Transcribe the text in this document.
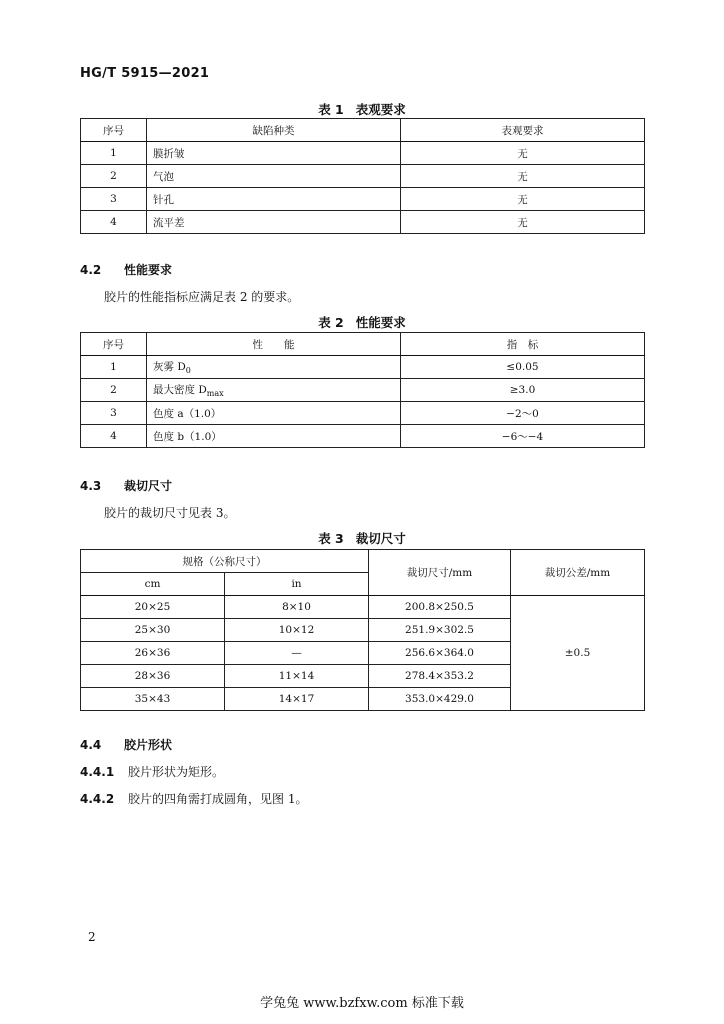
HG/T 5915—2021
表 1 表观要求
序号	缺陷种类	表观要求
1	膜折皱	无
2	气泡	无
3	针孔	无
4	流平差	无
4.2 性能要求
胶片的性能指标应满足表 2 的要求。
表 2 性能要求
序号	性　　能	指　标
1	灰雾 $D_0$	≤0.05
2	最大密度 $D_{max}$	≥3.0
3	色度 a（1.0）	−2～0
4	色度 b（1.0）	−6～−4
4.3 裁切尺寸
胶片的裁切尺寸见表 3。
表 3 裁切尺寸
规格（公称尺寸）		裁切尺寸/mm	裁切公差/mm
cm	in		
20×25	8×10	200.8×250.5	±0.5
25×30	10×12	251.9×302.5	
26×36	—	256.6×364.0	
28×36	11×14	278.4×353.2	
35×43	14×17	353.0×429.0	
4.4 胶片形状
4.4.1 胶片形状为矩形。
4.4.2 胶片的四角需打成圆角，见图 1。
2
学兔兔 www.bzfxw.com 标准下载
